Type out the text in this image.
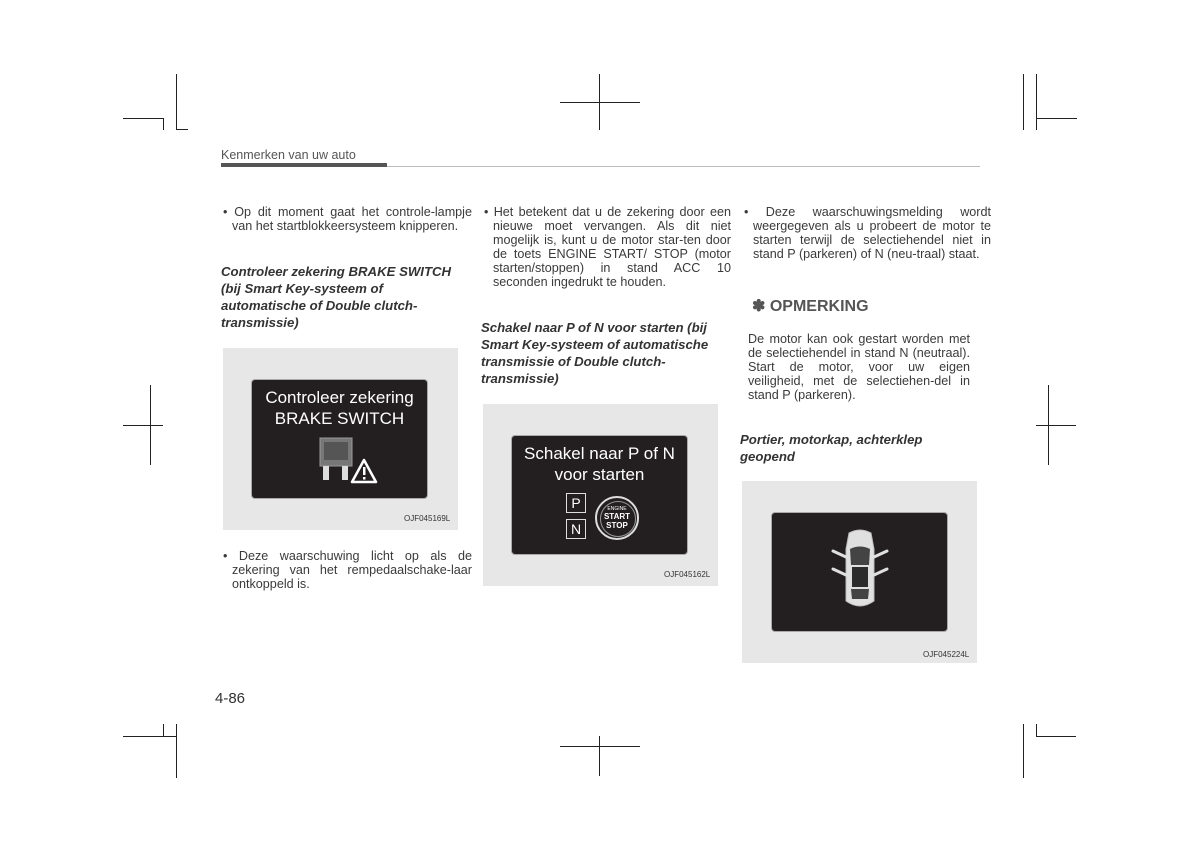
Kenmerken van uw auto
• Op dit moment gaat het controle-lampje van het startblokkeersysteem knipperen.
Controleer zekering BRAKE SWITCH (bij Smart Key-systeem of automatische of Double clutch-transmissie)
Controleer zekering
BRAKE SWITCH
OJF045169L
• Deze waarschuwing licht op als de zekering van het rempedaalschake-laar ontkoppeld is.
• Het betekent dat u de zekering door een nieuwe moet vervangen. Als dit niet mogelijk is, kunt u de motor star-ten door de toets ENGINE START/ STOP (motor starten/stoppen) in stand ACC 10 seconden ingedrukt te houden.
Schakel naar P of N voor starten (bij Smart Key-systeem of automatische transmissie of Double clutch-transmissie)
Schakel naar P of N
voor starten
P
N
ENGINE
START
STOP
OJF045162L
• Deze waarschuwingsmelding wordt weergegeven als u probeert de motor te starten terwijl de selectiehendel niet in stand P (parkeren) of N (neu-traal) staat.
✽ OPMERKING
De motor kan ook gestart worden met de selectiehendel in stand N (neutraal). Start de motor, voor uw eigen veiligheid, met de selectiehen-del in stand P (parkeren).
Portier, motorkap, achterklep geopend
OJF045224L
4-86
